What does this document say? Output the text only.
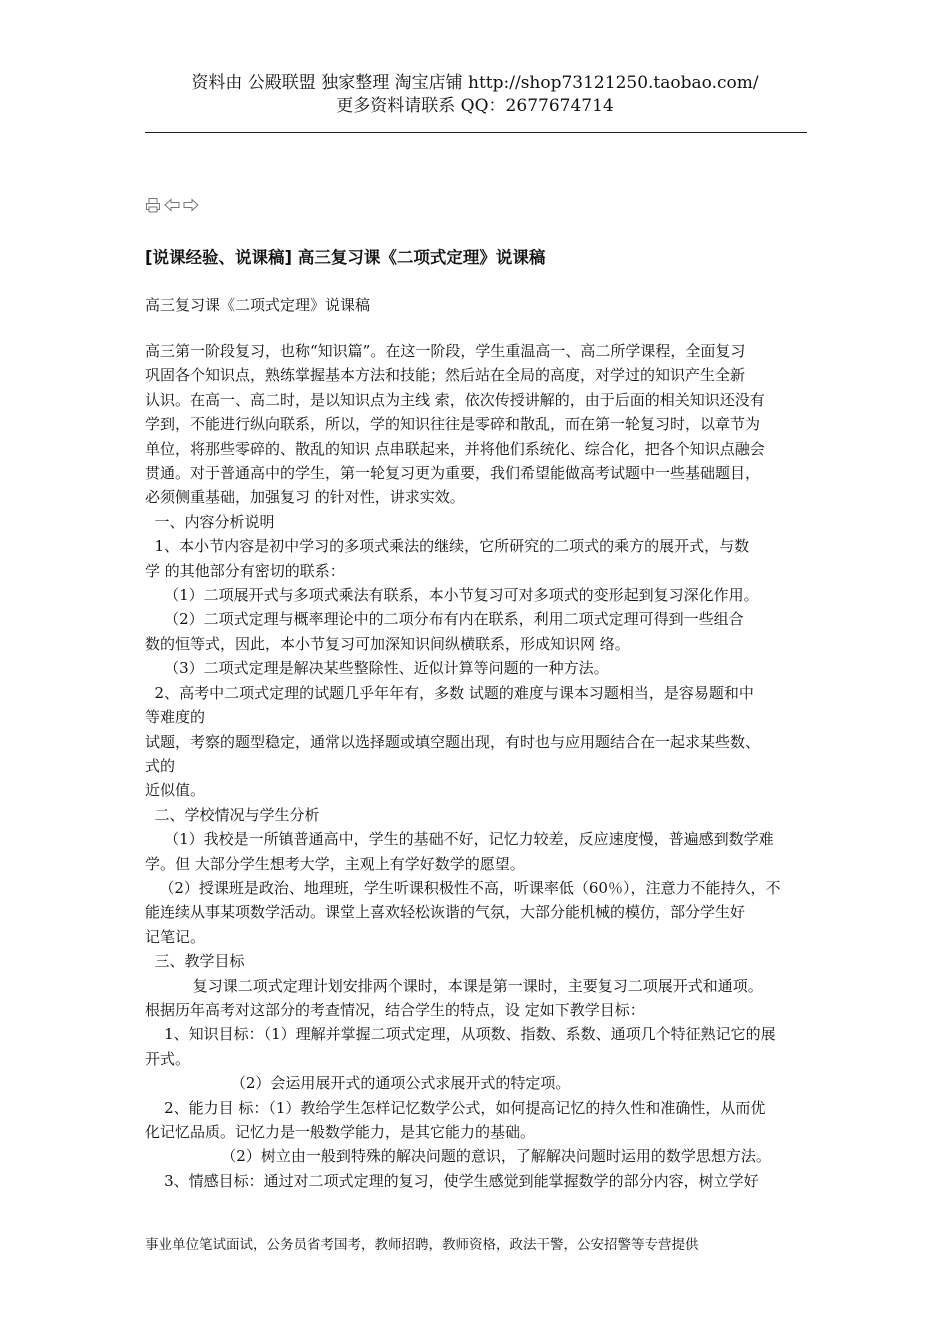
资料由 公殿联盟 独家整理 淘宝店铺 http://shop73121250.taobao.com/
更多资料请联系 QQ：2677674714
[说课经验、说课稿] 高三复习课《二项式定理》说课稿
高三复习课《二项式定理》说课稿

高三第一阶段复习，也称“知识篇”。在这一阶段，学生重温高一、高二所学课程，全面复习

巩固各个知识点，熟练掌握基本方法和技能；然后站在全局的高度，对学过的知识产生全新

认识。在高一、高二时，是以知识点为主线 索，依次传授讲解的，由于后面的相关知识还没有

学到，不能进行纵向联系，所以，学的知识往往是零碎和散乱，而在第一轮复习时，以章节为

单位，将那些零碎的、散乱的知识 点串联起来，并将他们系统化、综合化，把各个知识点融会

贯通。对于普通高中的学生，第一轮复习更为重要，我们希望能做高考试题中一些基础题目，

必须侧重基础，加强复习 的针对性，讲求实效。

一、内容分析说明

1、本小节内容是初中学习的多项式乘法的继续，它所研究的二项式的乘方的展开式，与数

学 的其他部分有密切的联系：

（1）二项展开式与多项式乘法有联系，本小节复习可对多项式的变形起到复习深化作用。

（2）二项式定理与概率理论中的二项分布有内在联系，利用二项式定理可得到一些组合

数的恒等式，因此，本小节复习可加深知识间纵横联系，形成知识网 络。

（3）二项式定理是解决某些整除性、近似计算等问题的一种方法。

2、高考中二项式定理的试题几乎年年有，多数 试题的难度与课本习题相当，是容易题和中

等难度的

试题，考察的题型稳定，通常以选择题或填空题出现，有时也与应用题结合在一起求某些数、

式的

近似值。

二、学校情况与学生分析

（1）我校是一所镇普通高中，学生的基础不好，记忆力较差，反应速度慢，普遍感到数学难

学。但 大部分学生想考大学，主观上有学好数学的愿望。

（2）授课班是政治、地理班，学生听课积极性不高，听课率低（60％），注意力不能持久，不

能连续从事某项数学活动。课堂上喜欢轻松诙谐的气氛，大部分能机械的模仿，部分学生好

记笔记。

三、教学目标

复习课二项式定理计划安排两个课时，本课是第一课时，主要复习二项展开式和通项。

根据历年高考对这部分的考查情况，结合学生的特点，设 定如下教学目标：

1、知识目标：（1）理解并掌握二项式定理，从项数、指数、系数、通项几个特征熟记它的展

开式。

（2）会运用展开式的通项公式求展开式的特定项。

2、能力目 标：（1）教给学生怎样记忆数学公式，如何提高记忆的持久性和准确性，从而优

化记忆品质。记忆力是一般数学能力，是其它能力的基础。

（2）树立由一般到特殊的解决问题的意识，了解解决问题时运用的数学思想方法。

3、情感目标：通过对二项式定理的复习，使学生感觉到能掌握数学的部分内容，树立学好

事业单位笔试面试，公务员省考国考，教师招聘，教师资格，政法干警，公安招警等专营提供
